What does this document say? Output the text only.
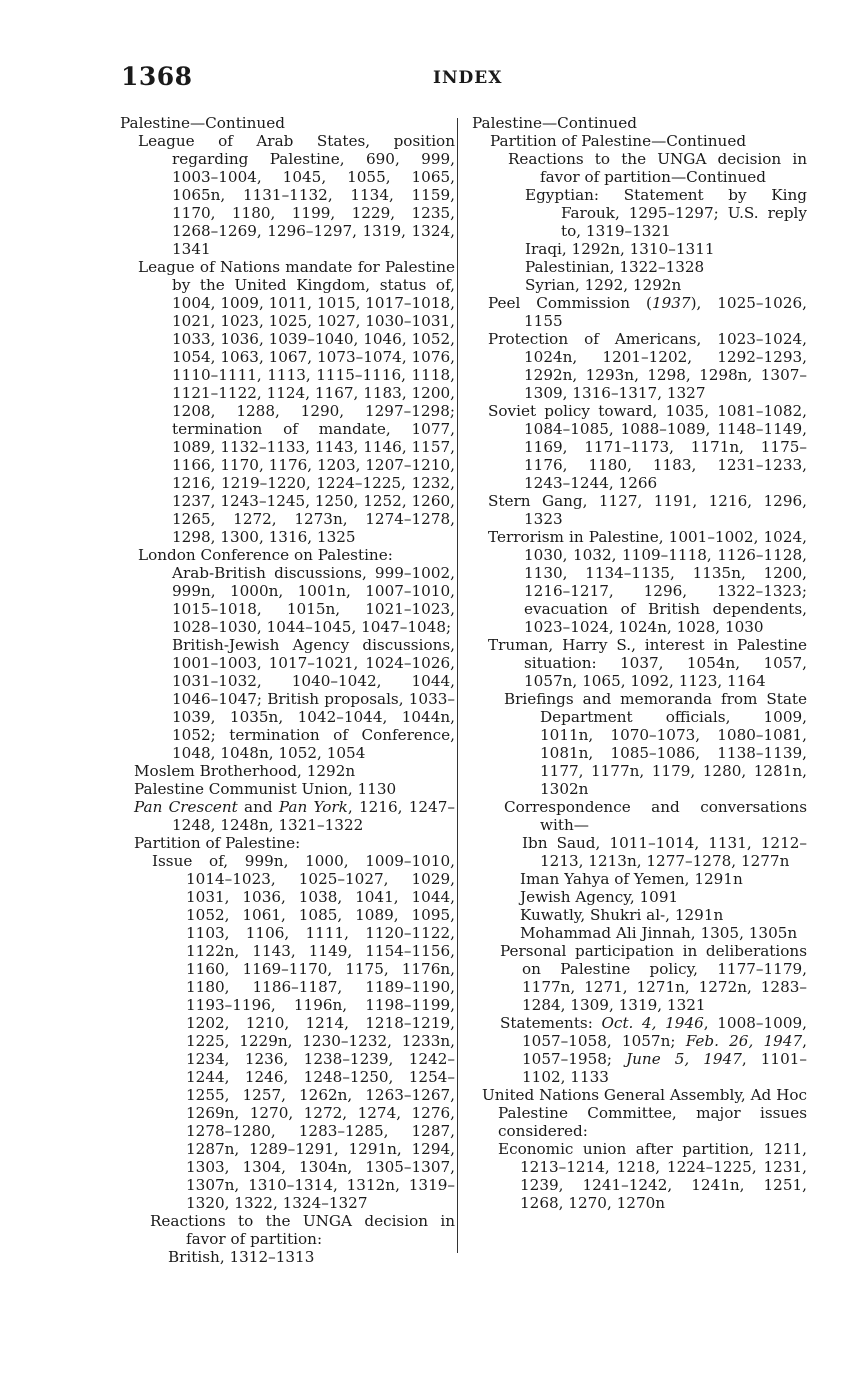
1368	INDEX

Palestine—Continued

League of Arab States, position regarding Palestine, 690, 999, 1003–1004, 1045, 1055, 1065, 1065n, 1131–1132, 1134, 1159, 1170, 1180, 1199, 1229, 1235, 1268–1269, 1296–1297, 1319, 1324, 1341

League of Nations mandate for Palestine by the United Kingdom, status of, 1004, 1009, 1011, 1015, 1017–1018, 1021, 1023, 1025, 1027, 1030–1031, 1033, 1036, 1039–1040, 1046, 1052, 1054, 1063, 1067, 1073–1074, 1076, 1110–1111, 1113, 1115–1116, 1118, 1121–1122, 1124, 1167, 1183, 1200, 1208, 1288, 1290, 1297–1298; termination of mandate, 1077, 1089, 1132–1133, 1143, 1146, 1157, 1166, 1170, 1176, 1203, 1207–1210, 1216, 1219–1220, 1224–1225, 1232, 1237, 1243–1245, 1250, 1252, 1260, 1265, 1272, 1273n, 1274–1278, 1298, 1300, 1316, 1325

London Conference on Palestine:

Arab-British discussions, 999–1002, 999n, 1000n, 1001n, 1007–1010, 1015–1018, 1015n, 1021–1023, 1028–1030, 1044–1045, 1047–1048;

British-Jewish Agency discussions, 1001–1003, 1017–1021, 1024–1026, 1031–1032, 1040–1042, 1044, 1046–1047; British proposals, 1033–1039, 1035n, 1042–1044, 1044n, 1052; termination of Conference, 1048, 1048n, 1052, 1054

Moslem Brotherhood, 1292n

Palestine Communist Union, 1130

Pan Crescent and Pan York, 1216, 1247–1248, 1248n, 1321–1322

Partition of Palestine:

Issue of, 999n, 1000, 1009–1010, 1014–1023, 1025–1027, 1029, 1031, 1036, 1038, 1041, 1044, 1052, 1061, 1085, 1089, 1095, 1103, 1106, 1111, 1120–1122, 1122n, 1143, 1149, 1154–1156, 1160, 1169–1170, 1175, 1176n, 1180, 1186–1187, 1189–1190, 1193–1196, 1196n, 1198–1199, 1202, 1210, 1214, 1218–1219, 1225, 1229n, 1230–1232, 1233n, 1234, 1236, 1238–1239, 1242–1244, 1246, 1248–1250, 1254–1255, 1257, 1262n, 1263–1267, 1269n, 1270, 1272, 1274, 1276, 1278–1280, 1283–1285, 1287, 1287n, 1289–1291, 1291n, 1294, 1303, 1304, 1304n, 1305–1307, 1307n, 1310–1314, 1312n, 1319–1320, 1322, 1324–1327

Reactions to the UNGA decision in favor of partition:

British, 1312–1313

Palestine—Continued

Partition of Palestine—Continued

Reactions to the UNGA decision in favor of partition—Continued

Egyptian: Statement by King Farouk, 1295–1297; U.S. reply to, 1319–1321

Iraqi, 1292n, 1310–1311

Palestinian, 1322–1328

Syrian, 1292, 1292n

Peel Commission (1937), 1025–1026, 1155

Protection of Americans, 1023–1024, 1024n, 1201–1202, 1292–1293, 1292n, 1293n, 1298, 1298n, 1307–1309, 1316–1317, 1327

Soviet policy toward, 1035, 1081–1082, 1084–1085, 1088–1089, 1148–1149, 1169, 1171–1173, 1171n, 1175–1176, 1180, 1183, 1231–1233, 1243–1244, 1266

Stern Gang, 1127, 1191, 1216, 1296, 1323

Terrorism in Palestine, 1001–1002, 1024, 1030, 1032, 1109–1118, 1126–1128, 1130, 1134–1135, 1135n, 1200, 1216–1217, 1296, 1322–1323; evacuation of British dependents, 1023–1024, 1024n, 1028, 1030

Truman, Harry S., interest in Palestine situation: 1037, 1054n, 1057, 1057n, 1065, 1092, 1123, 1164

Briefings and memoranda from State Department officials, 1009, 1011n, 1070–1073, 1080–1081, 1081n, 1085–1086, 1138–1139, 1177, 1177n, 1179, 1280, 1281n, 1302n

Correspondence and conversations with—

Ibn Saud, 1011–1014, 1131, 1212–1213, 1213n, 1277–1278, 1277n

Iman Yahya of Yemen, 1291n

Jewish Agency, 1091

Kuwatly, Shukri al-, 1291n

Mohammad Ali Jinnah, 1305, 1305n

Personal participation in deliberations on Palestine policy, 1177–1179, 1177n, 1271, 1271n, 1272n, 1283–1284, 1309, 1319, 1321

Statements: Oct. 4, 1946, 1008–1009, 1057–1058, 1057n; Feb. 26, 1947, 1057–1958; June 5, 1947, 1101–1102, 1133

United Nations General Assembly, Ad Hoc Palestine Committee, major issues considered:

Economic union after partition, 1211, 1213–1214, 1218, 1224–1225, 1231, 1239, 1241–1242, 1241n, 1251, 1268, 1270, 1270n
